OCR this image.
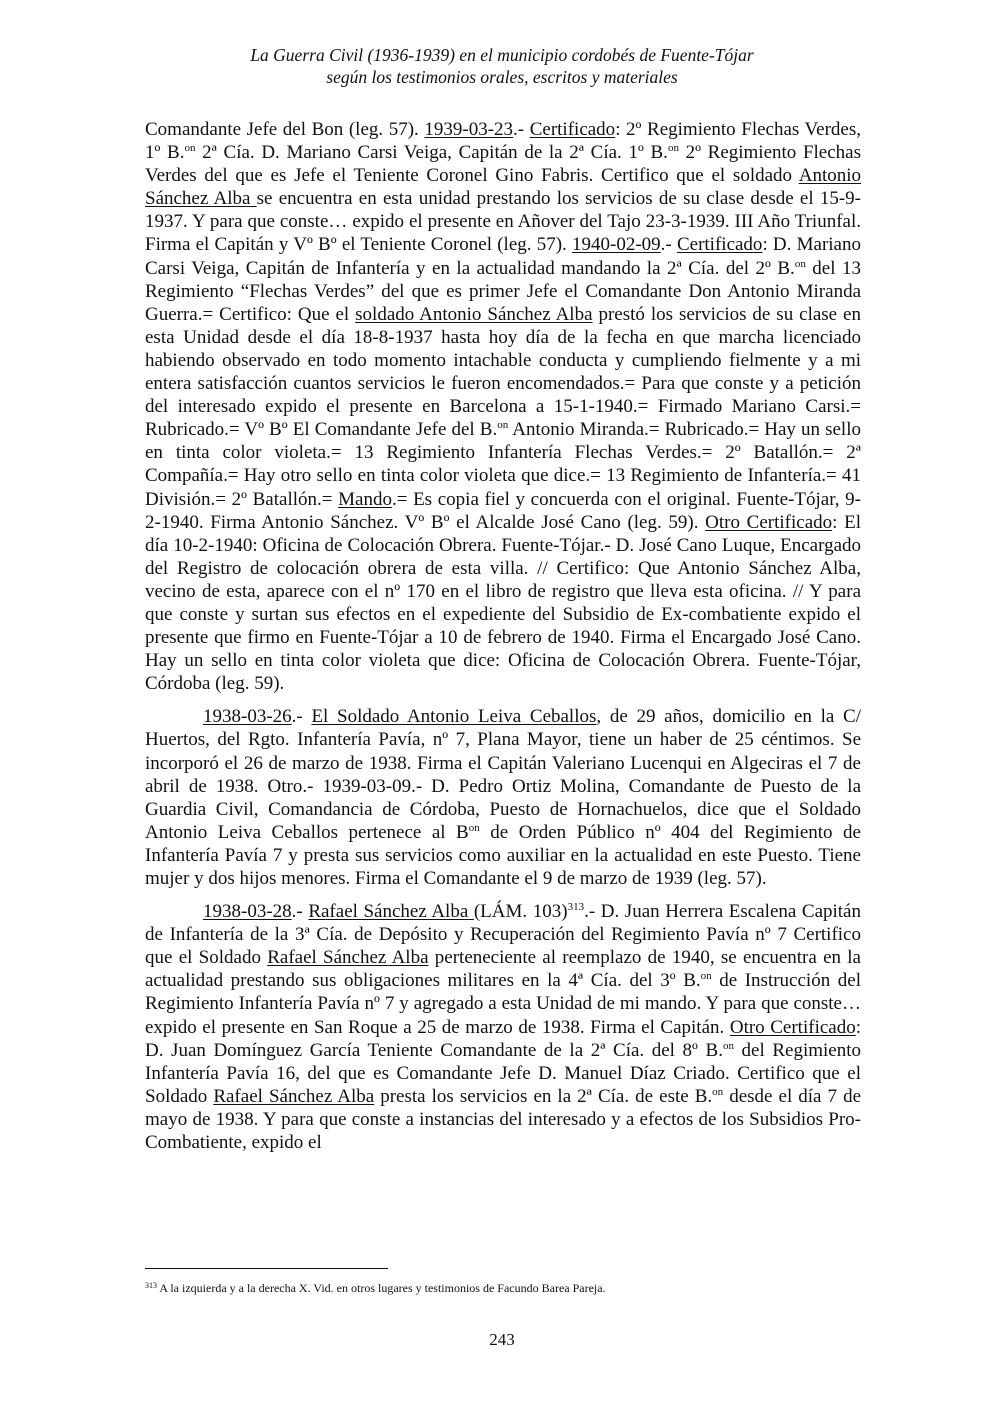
La Guerra Civil (1936-1939) en el municipio cordobés de Fuente-Tójar
según los testimonios orales, escritos y materiales

Comandante Jefe del Bon (leg. 57). 1939-03-23.- Certificado: 2º Regimiento Flechas Verdes, 1º B.$^{on}$ 2ª Cía. D. Mariano Carsi Veiga, Capitán de la 2ª Cía. 1º B.$^{on}$ 2º Regimiento Flechas Verdes del que es Jefe el Teniente Coronel Gino Fabris. Certifico que el soldado Antonio Sánchez Alba se encuentra en esta unidad prestando los servicios de su clase desde el 15-9-1937. Y para que conste… expido el presente en Añover del Tajo 23-3-1939. III Año Triunfal. Firma el Capitán y Vº Bº el Teniente Coronel (leg. 57). 1940-02-09.- Certificado: D. Mariano Carsi Veiga, Capitán de Infantería y en la actualidad mandando la 2ª Cía. del 2º B.$^{on}$ del 13 Regimiento “Flechas Verdes” del que es primer Jefe el Comandante Don Antonio Miranda Guerra.= Certifico: Que el soldado Antonio Sánchez Alba prestó los servicios de su clase en esta Unidad desde el día 18-8-1937 hasta hoy día de la fecha en que marcha licenciado habiendo observado en todo momento intachable conducta y cumpliendo fielmente y a mi entera satisfacción cuantos servicios le fueron encomendados.= Para que conste y a petición del interesado expido el presente en Barcelona a 15-1-1940.= Firmado Mariano Carsi.= Rubricado.= Vº Bº El Comandante Jefe del B.$^{on}$ Antonio Miranda.= Rubricado.= Hay un sello en tinta color violeta.= 13 Regimiento Infantería Flechas Verdes.= 2º Batallón.= 2ª Compañía.= Hay otro sello en tinta color violeta que dice.= 13 Regimiento de Infantería.= 41 División.= 2º Batallón.= Mando.= Es copia fiel y concuerda con el original. Fuente-Tójar, 9-2-1940. Firma Antonio Sánchez. Vº Bº el Alcalde José Cano (leg. 59). Otro Certificado: El día 10-2-1940: Oficina de Colocación Obrera. Fuente-Tójar.- D. José Cano Luque, Encargado del Registro de colocación obrera de esta villa. // Certifico: Que Antonio Sánchez Alba, vecino de esta, aparece con el nº 170 en el libro de registro que lleva esta oficina. // Y para que conste y surtan sus efectos en el expediente del Subsidio de Ex-combatiente expido el presente que firmo en Fuente-Tójar a 10 de febrero de 1940. Firma el Encargado José Cano. Hay un sello en tinta color violeta que dice: Oficina de Colocación Obrera. Fuente-Tójar, Córdoba (leg. 59).

1938-03-26.- El Soldado Antonio Leiva Ceballos, de 29 años, domicilio en la C/ Huertos, del Rgto. Infantería Pavía, nº 7, Plana Mayor, tiene un haber de 25 céntimos. Se incorporó el 26 de marzo de 1938. Firma el Capitán Valeriano Lucenqui en Algeciras el 7 de abril de 1938. Otro.- 1939-03-09.- D. Pedro Ortiz Molina, Comandante de Puesto de la Guardia Civil, Comandancia de Córdoba, Puesto de Hornachuelos, dice que el Soldado Antonio Leiva Ceballos pertenece al $B^{on}$ de Orden Público nº 404 del Regimiento de Infantería Pavía 7 y presta sus servicios como auxiliar en la actualidad en este Puesto. Tiene mujer y dos hijos menores. Firma el Comandante el 9 de marzo de 1939 (leg. 57).

1938-03-28.- Rafael Sánchez Alba (LÁM. 103)$^{313}$.- D. Juan Herrera Escalena Capitán de Infantería de la 3ª Cía. de Depósito y Recuperación del Regimiento Pavía nº 7 Certifico que el Soldado Rafael Sánchez Alba perteneciente al reemplazo de 1940, se encuentra en la actualidad prestando sus obligaciones militares en la 4ª Cía. del 3º B.$^{on}$ de Instrucción del Regimiento Infantería Pavía nº 7 y agregado a esta Unidad de mi mando. Y para que conste… expido el presente en San Roque a 25 de marzo de 1938. Firma el Capitán. Otro Certificado: D. Juan Domínguez García Teniente Comandante de la 2ª Cía. del 8º B.$^{on}$ del Regimiento Infantería Pavía 16, del que es Comandante Jefe D. Manuel Díaz Criado. Certifico que el Soldado Rafael Sánchez Alba presta los servicios en la 2ª Cía. de este B.$^{on}$ desde el día 7 de mayo de 1938. Y para que conste a instancias del interesado y a efectos de los Subsidios Pro-Combatiente, expido el

$^{313}$ A la izquierda y a la derecha X. Vid. en otros lugares y testimonios de Facundo Barea Pareja.
243
